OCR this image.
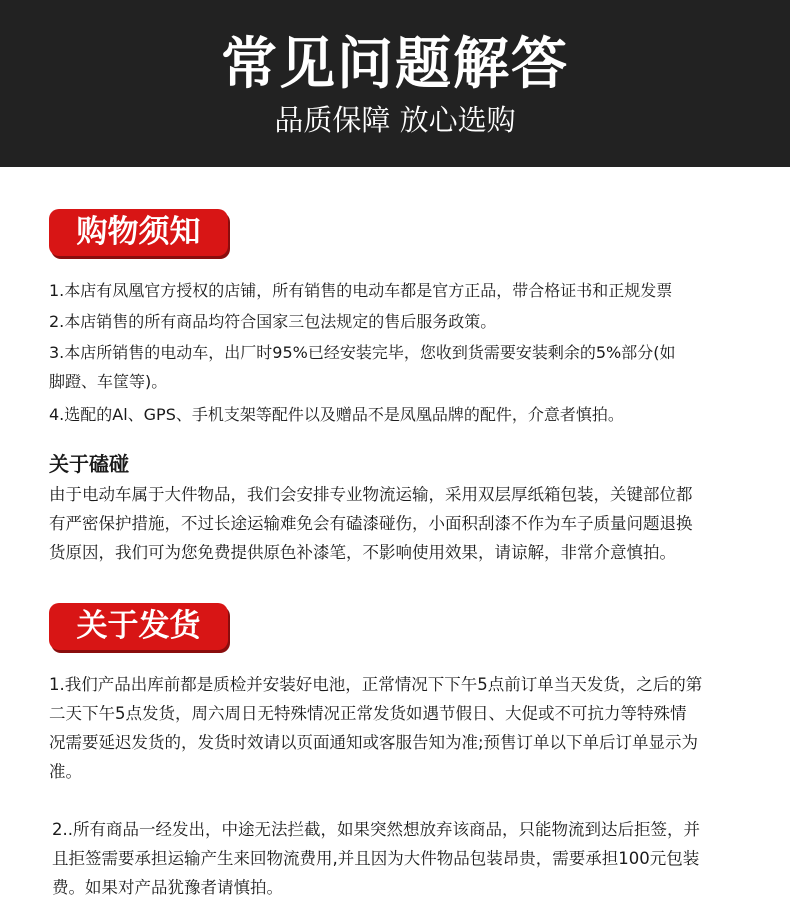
常见问题解答
品质保障 放心选购
购物须知
1.本店有凤凰官方授权的店铺，所有销售的电动车都是官方正品，带合格证书和正规发票
2.本店销售的所有商品均符合国家三包法规定的售后服务政策。
3.本店所销售的电动车，出厂时95%已经安装完毕，您收到货需要安装剩余的5%部分(如
脚蹬、车筐等)。
4.选配的Al、GPS、手机支架等配件以及赠品不是凤凰品牌的配件，介意者慎拍。
关于磕碰
由于电动车属于大件物品，我们会安排专业物流运输，采用双层厚纸箱包装，关键部位都
有严密保护措施，不过长途运输难免会有磕漆碰伤，小面积刮漆不作为车子质量问题退换
货原因，我们可为您免费提供原色补漆笔，不影响使用效果，请谅解，非常介意慎拍。
关于发货
1.我们产品出库前都是质检并安装好电池，正常情况下下午5点前订单当天发货，之后的第
二天下午5点发货，周六周日无特殊情况正常发货如遇节假日、大促或不可抗力等特殊情
况需要延迟发货的，发货时效请以页面通知或客服告知为准;预售订单以下单后订单显示为
准。
2..所有商品一经发出，中途无法拦截，如果突然想放弃该商品，只能物流到达后拒签，并
且拒签需要承担运输产生来回物流费用,并且因为大件物品包装昂贵，需要承担100元包装
费。如果对产品犹豫者请慎拍。
